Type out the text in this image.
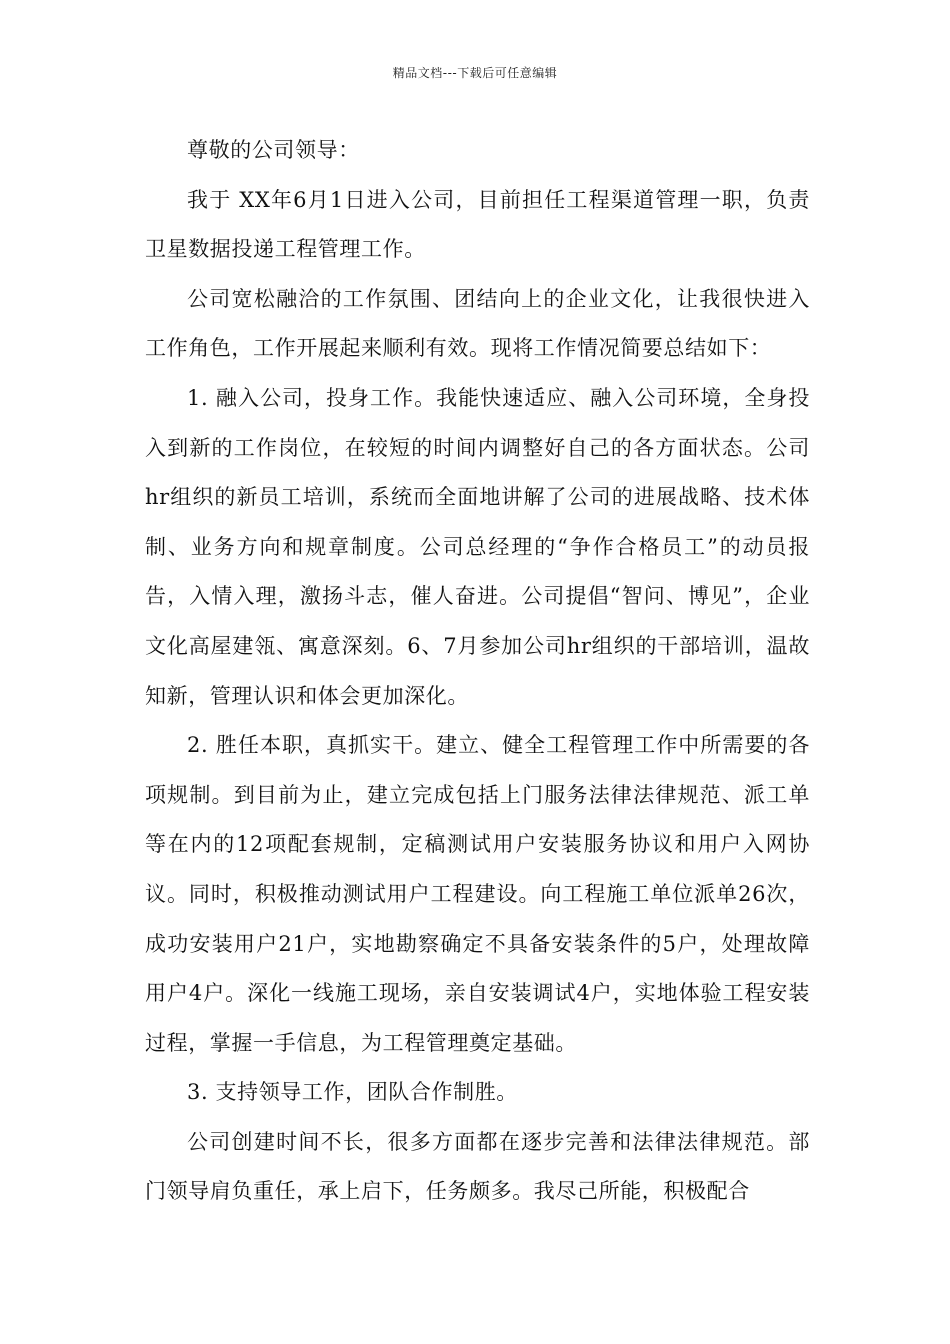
精品文档---下载后可任意编辑

尊敬的公司领导：

我于 XX年6月1日进入公司，目前担任工程渠道管理一职，负责卫星数据投递工程管理工作。

公司宽松融洽的工作氛围、团结向上的企业文化，让我很快进入工作角色，工作开展起来顺利有效。现将工作情况简要总结如下：

1. 融入公司，投身工作。我能快速适应、融入公司环境，全身投入到新的工作岗位，在较短的时间内调整好自己的各方面状态。公司hr组织的新员工培训，系统而全面地讲解了公司的进展战略、技术体制、业务方向和规章制度。公司总经理的“争作合格员工”的动员报告，入情入理，激扬斗志，催人奋进。公司提倡“智问、博见”，企业文化高屋建瓴、寓意深刻。6、7月参加公司hr组织的干部培训，温故知新，管理认识和体会更加深化。

2. 胜任本职，真抓实干。建立、健全工程管理工作中所需要的各项规制。到目前为止，建立完成包括上门服务法律法律规范、派工单等在内的12项配套规制，定稿测试用户安装服务协议和用户入网协议。同时，积极推动测试用户工程建设。向工程施工单位派单26次，成功安装用户21户，实地勘察确定不具备安装条件的5户，处理故障用户4户。深化一线施工现场，亲自安装调试4户，实地体验工程安装过程，掌握一手信息，为工程管理奠定基础。

3. 支持领导工作，团队合作制胜。

公司创建时间不长，很多方面都在逐步完善和法律法律规范。部门领导肩负重任，承上启下，任务颇多。我尽己所能，积极配合
